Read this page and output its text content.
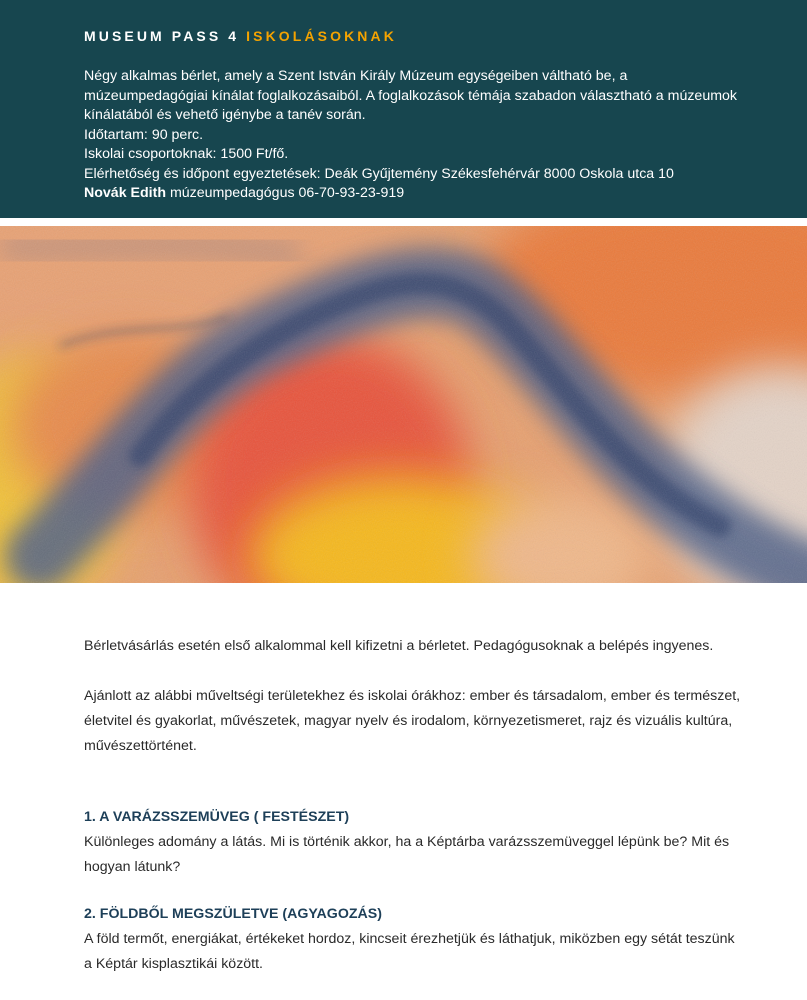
MUSEUM PASS 4 ISKOLÁSOKNAK
Négy alkalmas bérlet, amely a Szent István Király Múzeum egységeiben váltható be, a múzeumpedagógiai kínálat foglalkozásaiból. A foglalkozások témája szabadon választható a múzeumok kínálatából és vehető igénybe a tanév során.
Időtartam: 90 perc.
Iskolai csoportoknak: 1500 Ft/fő.
Elérhetőség és időpont egyeztetések: Deák Gyűjtemény Székesfehérvár 8000 Oskola utca 10
Novák Edith múzeumpedagógus 06-70-93-23-919

Bérletvásárlás esetén első alkalommal kell kifizetni a bérletet. Pedagógusoknak a belépés ingyenes.

Ajánlott az alábbi műveltségi területekhez és iskolai órákhoz: ember és társadalom, ember és természet, életvitel és gyakorlat, művészetek, magyar nyelv és irodalom, környezetismeret, rajz és vizuális kultúra, művészettörténet.

1. A VARÁZSSZEMÜVEG ( FESTÉSZET)

Különleges adomány a látás. Mi is történik akkor, ha a Képtárba varázsszemüveggel lépünk be? Mit és hogyan látunk?

2. FÖLDBŐL MEGSZÜLETVE (AGYAGOZÁS)

A föld termőt, energiákat, értékeket hordoz, kincseit érezhetjük és láthatjuk, miközben egy sétát teszünk a Képtár kisplasztikái között.
